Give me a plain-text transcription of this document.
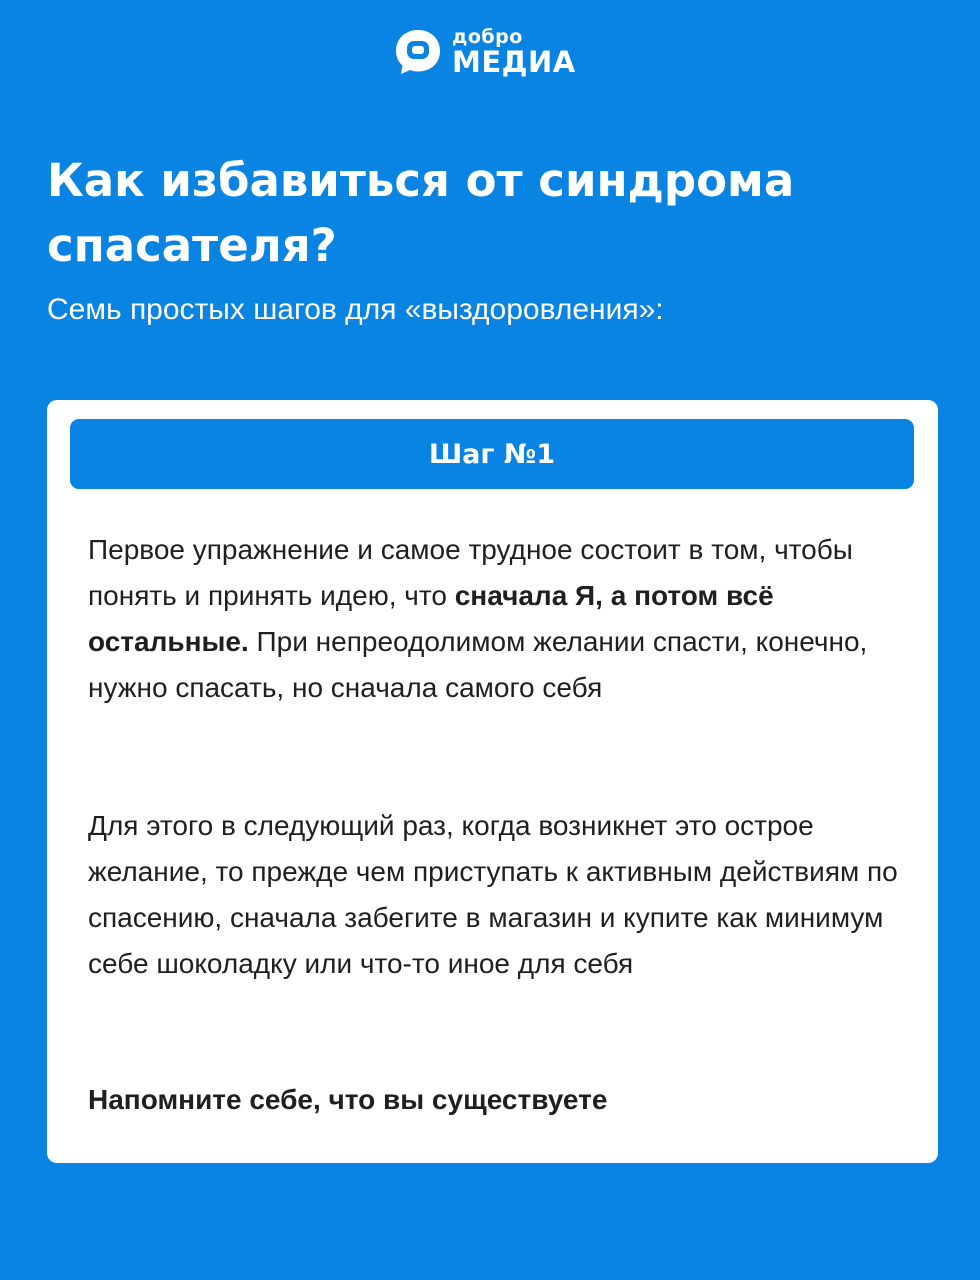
добро
МЕДИА
Как избавиться от синдрома спасателя?
Семь простых шагов для «выздоровления»:
Шаг №1

Первое упражнение и самое трудное состоит в том, чтобы понять и принять идею, что сначала Я, а потом всё остальные. При непреодолимом желании спасти, конечно, нужно спасать, но сначала самого себя

Для этого в следующий раз, когда возникнет это острое желание, то прежде чем приступать к активным действиям по спасению, сначала забегите в магазин и купите как минимум себе шоколадку или что-то иное для себя

Напомните себе, что вы существуете
